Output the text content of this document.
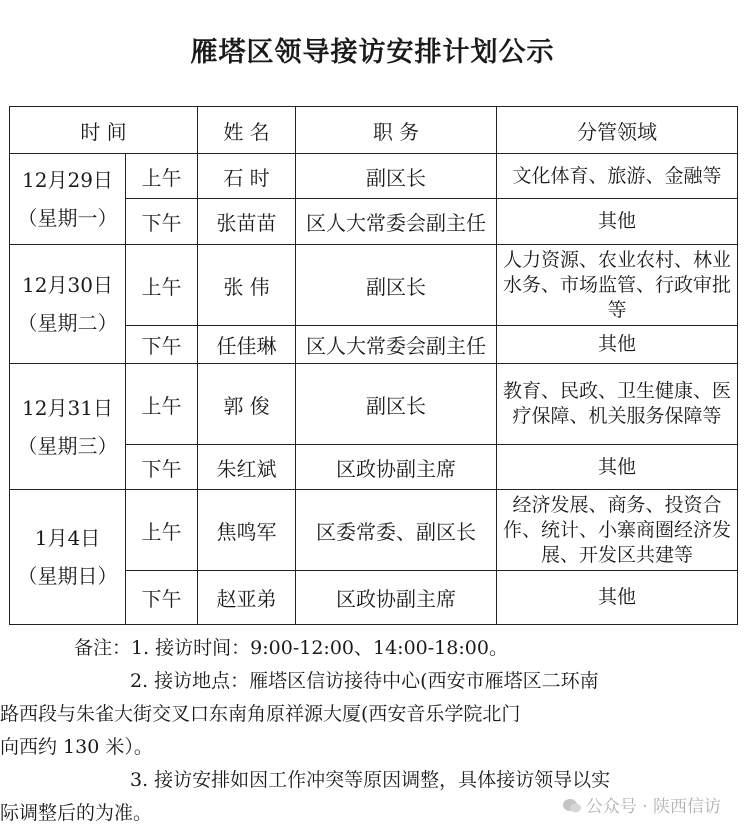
雁塔区领导接访安排计划公示
时 间		姓 名	职 务	分管领域

12月29日
（星期一）	上午	石 时	副区长	文化体育、旅游、金融等
	下午	张苗苗	区人大常委会副主任	其他

12月30日
（星期二）	上午	张 伟	副区长	人力资源、农业农村、林业水务、市场监管、行政审批等
	下午	任佳琳	区人大常委会副主任	其他

12月31日
（星期三）	上午	郭 俊	副区长	教育、民政、卫生健康、医疗保障、机关服务保障等
	下午	朱红斌	区政协副主席	其他

1月4日
（星期日）	上午	焦鸣军	区委常委、副区长	经济发展、商务、投资合作、统计、小寨商圈经济发展、开发区共建等
	下午	赵亚弟	区政协副主席	其他

备注：1. 接访时间：9:00-12:00、14:00-18:00。

2. 接访地点：雁塔区信访接待中心(西安市雁塔区二环南

路西段与朱雀大街交叉口东南角原祥源大厦(西安音乐学院北门

向西约 130 米）。

3. 接访安排如因工作冲突等原因调整，具体接访领导以实

际调整后的为准。	公众号 · 陕西信访
